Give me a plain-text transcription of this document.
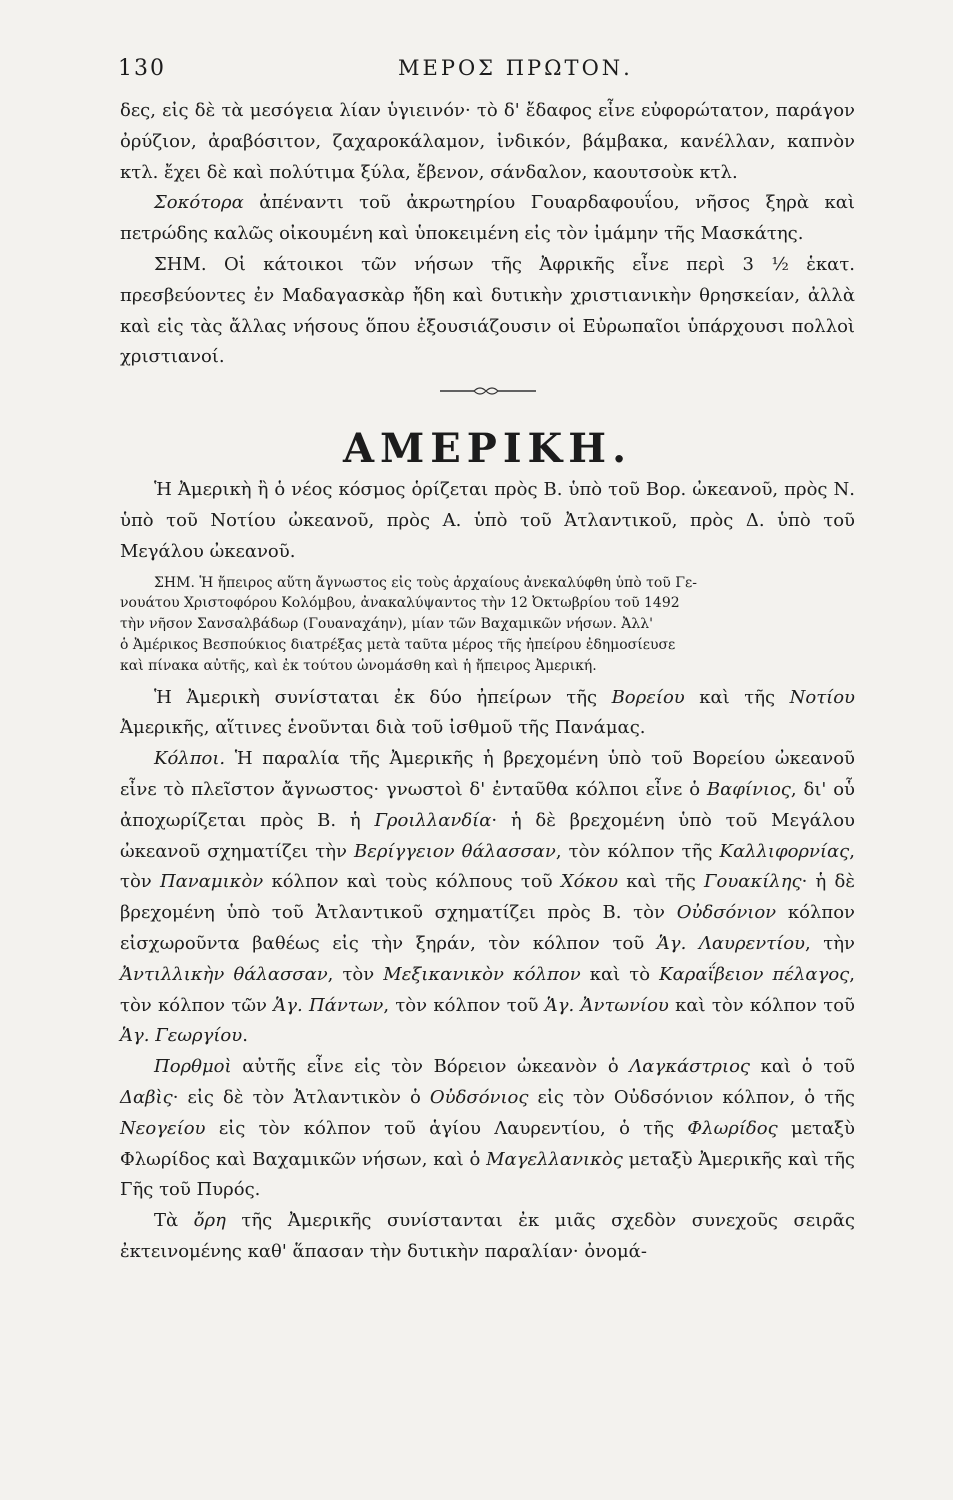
130	ΜΕΡΟΣ ΠΡΩΤΟΝ.

δες, εἰς δὲ τὰ μεσόγεια λίαν ὑγιεινόν· τὸ δ' ἔδαφος εἶνε εὐφορώτατον, παράγον ὀρύζιον, ἀραβόσιτον, ζαχαροκάλαμον, ἰνδικόν, βάμβακα, κανέλλαν, καπνὸν κτλ. ἔχει δὲ καὶ πολύτιμα ξύλα, ἔβενον, σάνδαλον, καουτσοὺκ κτλ.

Σοκότορα ἀπέναντι τοῦ ἀκρωτηρίου Γουαρδαφουΐου, νῆσος ξηρὰ καὶ πετρώδης καλῶς οἰκουμένη καὶ ὑποκειμένη εἰς τὸν ἰμάμην τῆς Μασκάτης.

ΣΗΜ. Οἱ κάτοικοι τῶν νήσων τῆς Ἀφρικῆς εἶνε περὶ 3 ½ ἑκατ. πρεσβεύοντες ἐν Μαδαγασκὰρ ἤδη καὶ δυτικὴν χριστιανικὴν θρησκείαν, ἀλλὰ καὶ εἰς τὰς ἄλλας νήσους ὅπου ἐξουσιάζουσιν οἱ Εὐρωπαῖοι ὑπάρχουσι πολλοὶ χριστιανοί.

ΑΜΕΡΙΚΗ.

Ἡ Ἀμερικὴ ἢ ὁ νέος κόσμος ὁρίζεται πρὸς Β. ὑπὸ τοῦ Βορ. ὠκεανοῦ, πρὸς Ν. ὑπὸ τοῦ Νοτίου ὠκεανοῦ, πρὸς Α. ὑπὸ τοῦ Ἀτλαντικοῦ, πρὸς Δ. ὑπὸ τοῦ Μεγάλου ὠκεανοῦ.

ΣΗΜ. Ἡ ἤπειρος αὕτη ἄγνωστος εἰς τοὺς ἀρχαίους ἀνεκαλύφθη ὑπὸ τοῦ Γε-
νουάτου Χριστοφόρου Κολόμβου, ἀνακαλύψαντος τὴν 12 Ὀκτωβρίου τοῦ 1492
τὴν νῆσον Σανσαλβάδωρ (Γουαναχάην), μίαν τῶν Βαχαμικῶν νήσων. Ἀλλ'
ὁ Ἀμέρικος Βεσπούκιος διατρέξας μετὰ ταῦτα μέρος τῆς ἠπείρου ἐδημοσίευσε
καὶ πίνακα αὐτῆς, καὶ ἐκ τούτου ὠνομάσθη καὶ ἡ ἤπειρος Ἀμερική.

Ἡ Ἀμερικὴ συνίσταται ἐκ δύο ἠπείρων τῆς Βορείου καὶ τῆς Νοτίου Ἀμερικῆς, αἵτινες ἑνοῦνται διὰ τοῦ ἰσθμοῦ τῆς Πανάμας.

Κόλποι. Ἡ παραλία τῆς Ἀμερικῆς ἡ βρεχομένη ὑπὸ τοῦ Βορείου ὠκεανοῦ εἶνε τὸ πλεῖστον ἄγνωστος· γνωστοὶ δ' ἐνταῦθα κόλποι εἶνε ὁ Βαφίνιος, δι' οὗ ἀποχωρίζεται πρὸς Β. ἡ Γροιλλανδία· ἡ δὲ βρεχομένη ὑπὸ τοῦ Μεγάλου ὠκεανοῦ σχηματίζει τὴν Βερίγγειον θάλασσαν, τὸν κόλπον τῆς Καλλιφορνίας, τὸν Παναμικὸν κόλπον καὶ τοὺς κόλπους τοῦ Χόκου καὶ τῆς Γουακίλης· ἡ δὲ βρεχομένη ὑπὸ τοῦ Ἀτλαντικοῦ σχηματίζει πρὸς Β. τὸν Οὐδσόνιον κόλπον εἰσχωροῦντα βαθέως εἰς τὴν ξηράν, τὸν κόλπον τοῦ Ἁγ. Λαυρεντίου, τὴν Ἀντιλλικὴν θάλασσαν, τὸν Μεξικανικὸν κόλπον καὶ τὸ Καραΐβειον πέλαγος, τὸν κόλπον τῶν Ἁγ. Πάντων, τὸν κόλπον τοῦ Ἁγ. Ἀντωνίου καὶ τὸν κόλπον τοῦ Ἁγ. Γεωργίου.

Πορθμοὶ αὐτῆς εἶνε εἰς τὸν Βόρειον ὠκεανὸν ὁ Λαγκάστριος καὶ ὁ τοῦ Δαβὶς· εἰς δὲ τὸν Ἀτλαντικὸν ὁ Οὐδσόνιος εἰς τὸν Οὐδσόνιον κόλπον, ὁ τῆς Νεογείου εἰς τὸν κόλπον τοῦ ἁγίου Λαυρεντίου, ὁ τῆς Φλωρίδος μεταξὺ Φλωρίδος καὶ Βαχαμικῶν νήσων, καὶ ὁ Μαγελλανικὸς μεταξὺ Ἀμερικῆς καὶ τῆς Γῆς τοῦ Πυρός.

Τὰ ὄρη τῆς Ἀμερικῆς συνίστανται ἐκ μιᾶς σχεδὸν συνεχοῦς σειρᾶς ἐκτεινομένης καθ' ἅπασαν τὴν δυτικὴν παραλίαν· ὀνομά-
